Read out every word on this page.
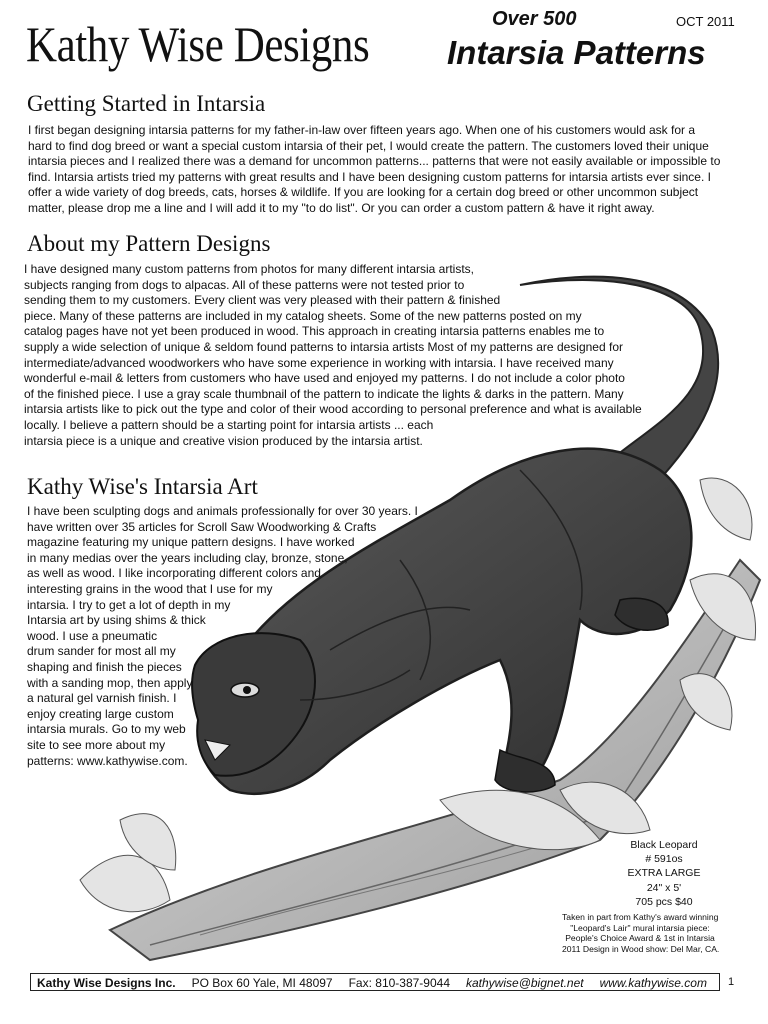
Kathy Wise Designs	Over 500	OCT 2011
Intarsia Patterns
Getting Started in Intarsia
I first began designing intarsia patterns for my father-in-law over fifteen years ago. When one of his customers would ask for a
hard to find dog breed or want a special custom intarsia of their pet, I would create the pattern. The customers loved their unique
intarsia pieces and I realized there was a demand for uncommon patterns... patterns that were not easily available or impossible to
find. Intarsia artists tried my patterns with great results and I have been designing custom patterns for intarsia artists ever since. I
offer a wide variety of dog breeds, cats, horses & wildlife. If you are looking for a certain dog breed or other uncommon subject
matter, please drop me a line and I will add it to my "to do list". Or you can order a custom pattern & have it right away.
About my Pattern Designs
I have designed many custom patterns from photos for many different intarsia artists,
subjects ranging from dogs to alpacas. All of these patterns were not tested prior to
sending them to my customers. Every client was very pleased with their pattern & finished
piece. Many of these patterns are included in my catalog sheets. Some of the new patterns posted on my
catalog pages have not yet been produced in wood. This approach in creating intarsia patterns enables me to
supply a wide selection of unique & seldom found patterns to intarsia artists Most of my patterns are designed for
intermediate/advanced woodworkers who have some experience in working with intarsia. I have received many
wonderful e-mail & letters from customers who have used and enjoyed my patterns. I do not include a color photo
of the finished piece. I use a gray scale thumbnail of the pattern to indicate the lights & darks in the pattern. Many
intarsia artists like to pick out the type and color of their wood according to personal preference and what is available
locally. I believe a pattern should be a starting point for intarsia artists ... each
intarsia piece is a unique and creative vision produced by the intarsia artist.
Kathy Wise's Intarsia Art
I have been sculpting dogs and animals professionally for over 30 years. I
have written over 35 articles for Scroll Saw Woodworking & Crafts
magazine featuring my unique pattern designs. I have worked
in many medias over the years including clay, bronze, stone,
as well as wood. I like incorporating different colors and
interesting grains in the wood that I use for my
intarsia. I try to get a lot of depth in my
Intarsia art by using shims & thick
wood. I use a pneumatic
drum sander for most all my
shaping and finish the pieces
with a sanding mop, then apply
a natural gel varnish finish. I
enjoy creating large custom
intarsia murals. Go to my web
site to see more about my
patterns: www.kathywise.com.
Black Leopard
# 591os
EXTRA LARGE
24" x 5'
705 pcs $40
Taken in part from Kathy's award winning
"Leopard's Lair" mural intarsia piece:
People's Choice Award & 1st in Intarsia
2011 Design in Wood show: Del Mar, CA.
Kathy Wise Designs Inc. PO Box 60 Yale, MI 48097 Fax: 810-387-9044 kathywise@bignet.net www.kathywise.com	1
